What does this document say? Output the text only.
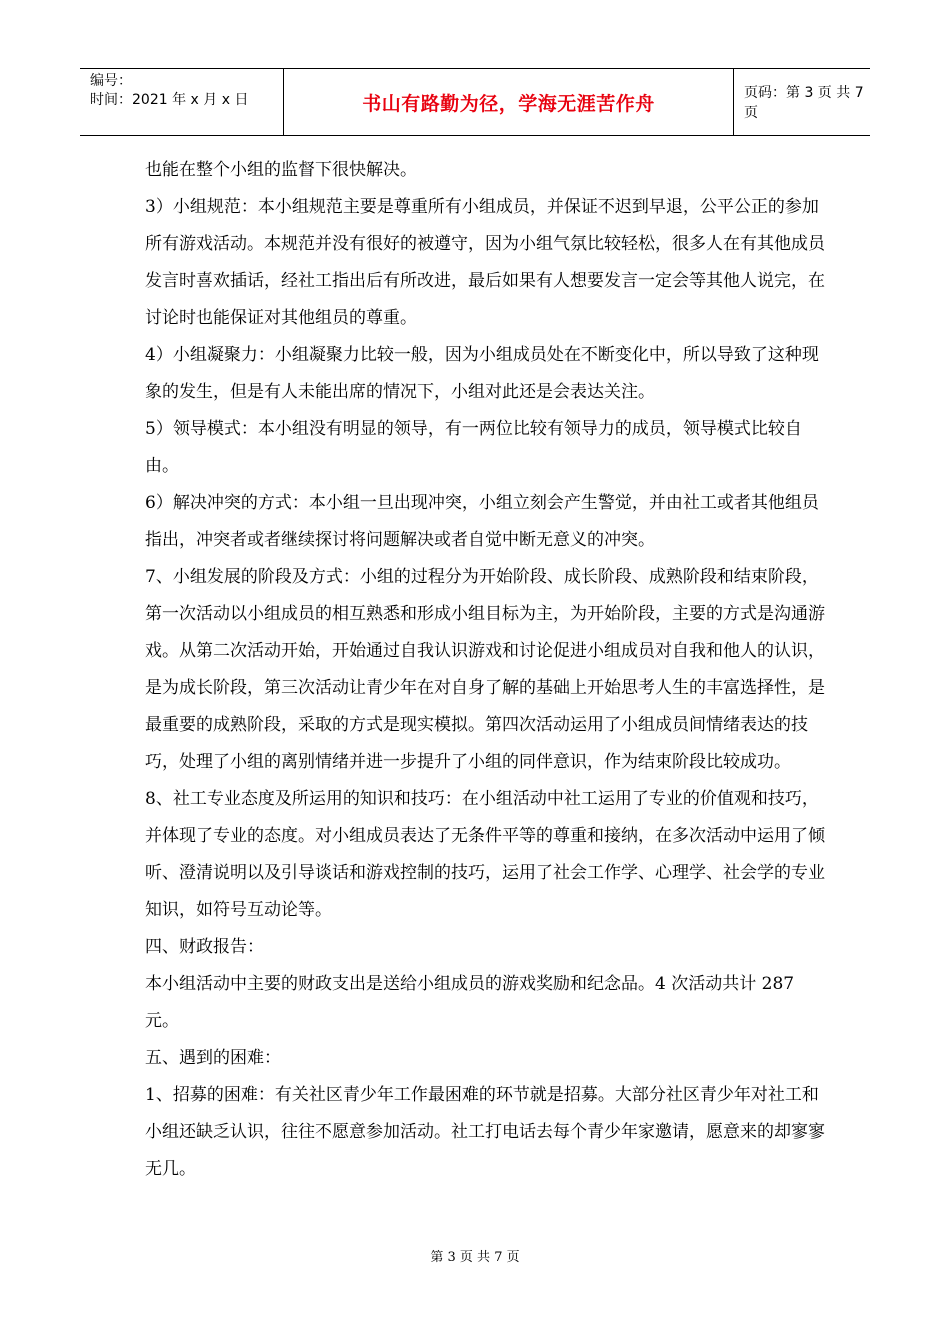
编号：
时间：2021 年 x 月 x 日	书山有路勤为径，学海无涯苦作舟	页码：第 3 页 共 7 页

也能在整个小组的监督下很快解决。

3）小组规范：本小组规范主要是尊重所有小组成员，并保证不迟到早退，公平公正的参加所有游戏活动。本规范并没有很好的被遵守，因为小组气氛比较轻松，很多人在有其他成员发言时喜欢插话，经社工指出后有所改进，最后如果有人想要发言一定会等其他人说完，在讨论时也能保证对其他组员的尊重。

4）小组凝聚力：小组凝聚力比较一般，因为小组成员处在不断变化中，所以导致了这种现象的发生，但是有人未能出席的情况下，小组对此还是会表达关注。

5）领导模式：本小组没有明显的领导，有一两位比较有领导力的成员，领导模式比较自由。

6）解决冲突的方式：本小组一旦出现冲突，小组立刻会产生警觉，并由社工或者其他组员指出，冲突者或者继续探讨将问题解决或者自觉中断无意义的冲突。

7、小组发展的阶段及方式：小组的过程分为开始阶段、成长阶段、成熟阶段和结束阶段，第一次活动以小组成员的相互熟悉和形成小组目标为主，为开始阶段，主要的方式是沟通游戏。从第二次活动开始，开始通过自我认识游戏和讨论促进小组成员对自我和他人的认识，是为成长阶段，第三次活动让青少年在对自身了解的基础上开始思考人生的丰富选择性，是最重要的成熟阶段，采取的方式是现实模拟。第四次活动运用了小组成员间情绪表达的技巧，处理了小组的离别情绪并进一步提升了小组的同伴意识，作为结束阶段比较成功。

8、社工专业态度及所运用的知识和技巧：在小组活动中社工运用了专业的价值观和技巧，并体现了专业的态度。对小组成员表达了无条件平等的尊重和接纳，在多次活动中运用了倾听、澄清说明以及引导谈话和游戏控制的技巧，运用了社会工作学、心理学、社会学的专业知识，如符号互动论等。

四、财政报告：

本小组活动中主要的财政支出是送给小组成员的游戏奖励和纪念品。4 次活动共计 287 元。

五、遇到的困难：

1、招募的困难：有关社区青少年工作最困难的环节就是招募。大部分社区青少年对社工和小组还缺乏认识，往往不愿意参加活动。社工打电话去每个青少年家邀请，愿意来的却寥寥无几。

第 3 页 共 7 页
